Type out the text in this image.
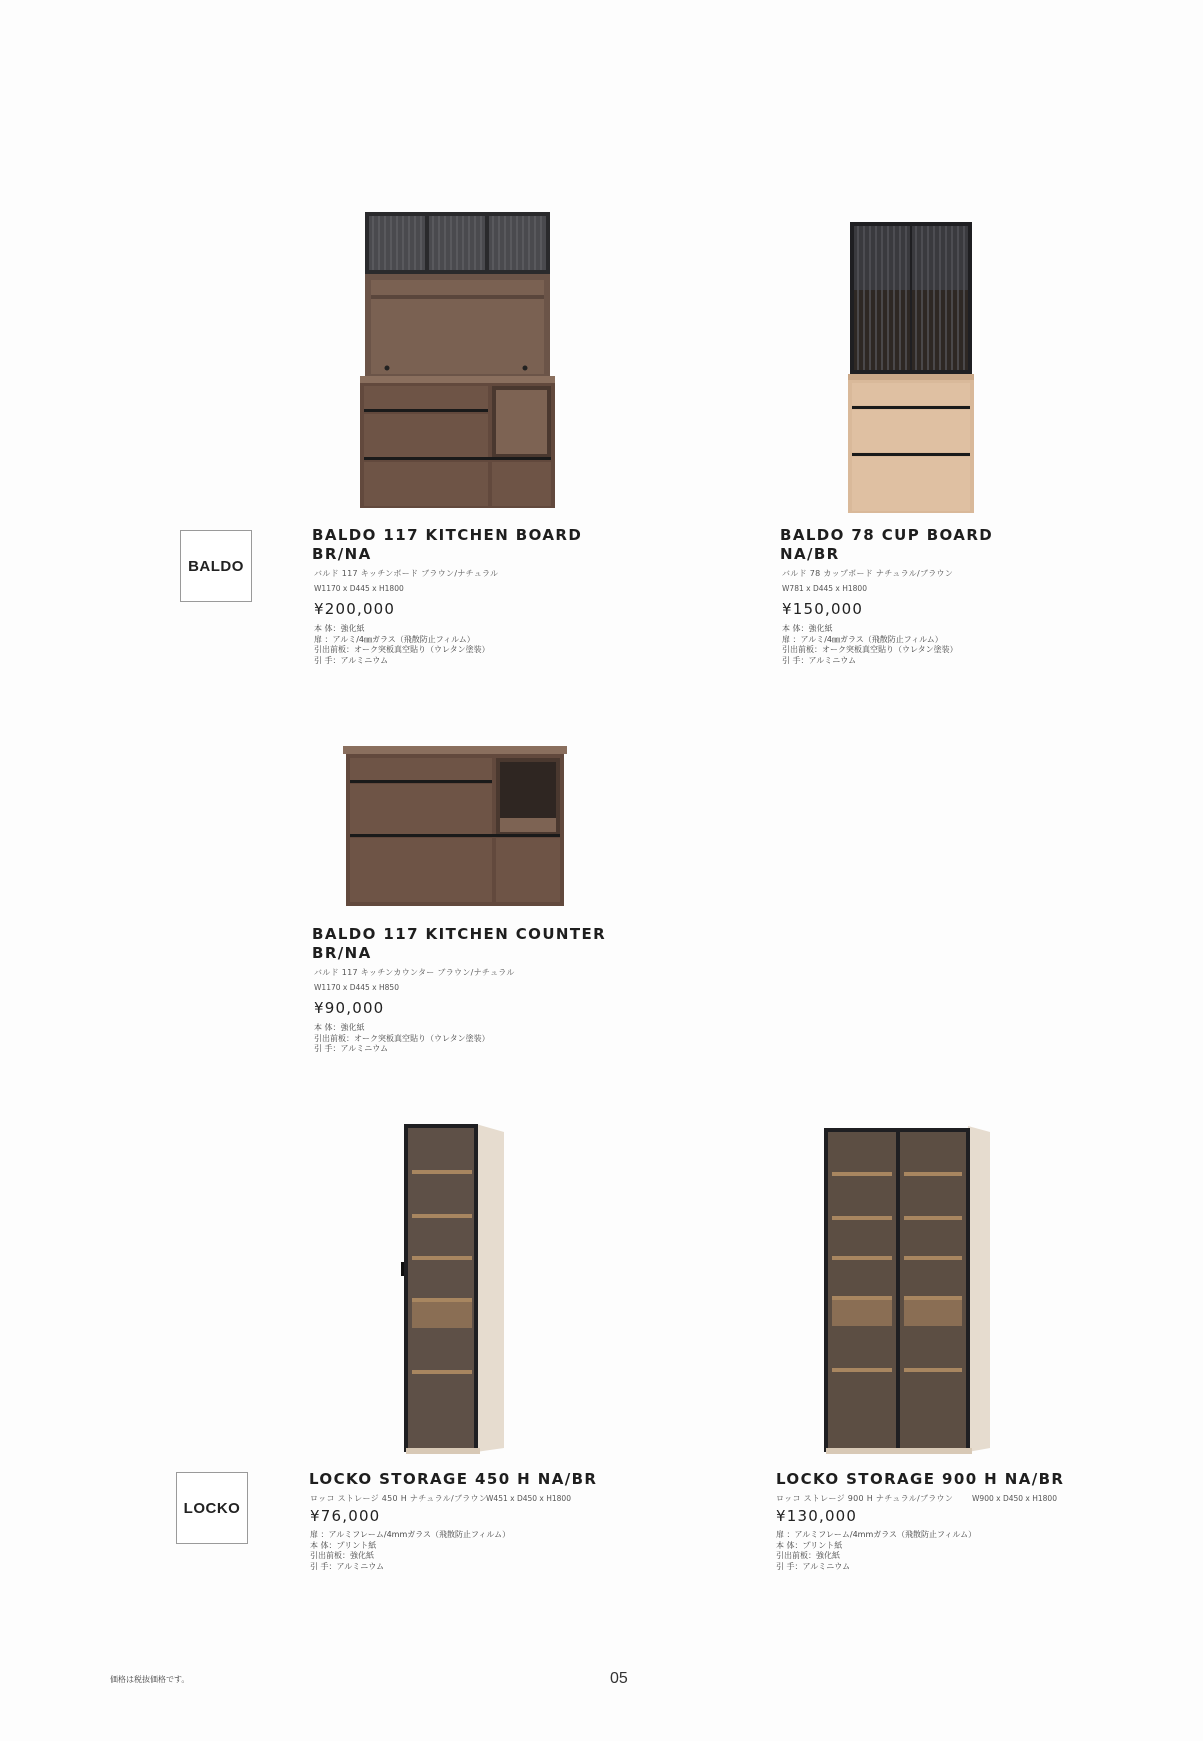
BALDO
LOCKO
BALDO 117 KITCHEN BOARD
BR/NA
バルド 117 キッチンボード ブラウン/ナチュラル
W1170 x D445 x H1800
¥200,000
本 体：強化紙
扉 ：アルミ/4㎜ガラス（飛散防止フィルム）
引出前板：オーク突板真空貼り（ウレタン塗装）
引 手：アルミニウム
BALDO 78 CUP BOARD
NA/BR
バルド 78 カップボード ナチュラル/ブラウン
W781 x D445 x H1800
¥150,000
本 体：強化紙
扉 ：アルミ/4㎜ガラス（飛散防止フィルム）
引出前板：オーク突板真空貼り（ウレタン塗装）
引 手：アルミニウム
BALDO 117 KITCHEN COUNTER
BR/NA
バルド 117 キッチンカウンター ブラウン/ナチュラル
W1170 x D445 x H850
¥90,000
本 体：強化紙
引出前板：オーク突板真空貼り（ウレタン塗装）
引 手：アルミニウム
LOCKO STORAGE 450 H NA/BR
ロッコ ストレージ 450 H ナチュラル/ブラウン
W451 x D450 x H1800
¥76,000
扉 ：アルミフレーム/4mmガラス（飛散防止フィルム）
本 体：プリント紙
引出前板：強化紙
引 手：アルミニウム
LOCKO STORAGE 900 H NA/BR
ロッコ ストレージ 900 H ナチュラル/ブラウン	W900 x D450 x H1800
¥130,000
扉 ：アルミフレーム/4mmガラス（飛散防止フィルム）
本 体：プリント紙
引出前板：強化紙
引 手：アルミニウム
価格は税抜価格です。	05
